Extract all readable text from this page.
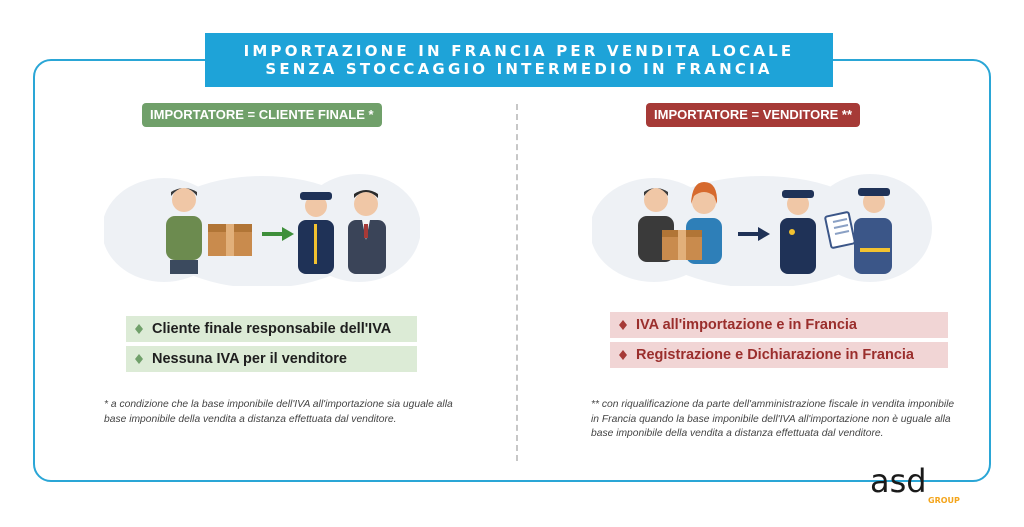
IMPORTAZIONE IN FRANCIA PER VENDITA LOCALE
SENZA STOCCAGGIO INTERMEDIO IN FRANCIA
IMPORTATORE = CLIENTE FINALE *
Cliente finale responsabile dell'IVA
Nessuna IVA per il venditore
* a condizione che la base imponibile dell'IVA all'importazione sia uguale alla base imponibile della vendita a distanza effettuata dal venditore.
IMPORTATORE = VENDITORE **
IVA all'importazione e in Francia
Registrazione e Dichiarazione in Francia
** con riqualificazione da parte dell'amministrazione fiscale in vendita imponibile in Francia quando la base imponibile dell'IVA all'importazione non è uguale alla base imponibile della vendita a distanza effettuata dal venditore.
asd
GROUP
